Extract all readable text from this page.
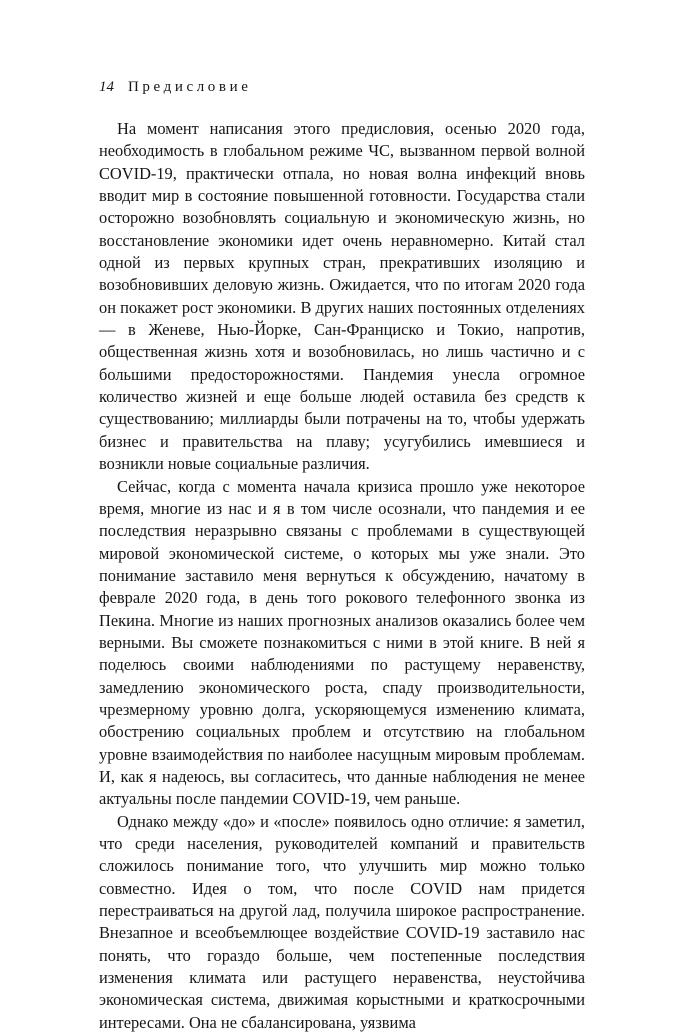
14 Предисловие

На момент написания этого предисловия, осенью 2020 года, необходимость в глобальном режиме ЧС, вызванном первой волной COVID-19, практически отпала, но новая волна инфекций вновь вводит мир в состояние повышенной готовности. Государства стали осторожно возобновлять социальную и экономическую жизнь, но восстановление экономики идет очень неравномерно. Китай стал одной из первых крупных стран, прекративших изоляцию и возобновивших деловую жизнь. Ожидается, что по итогам 2020 года он покажет рост экономики. В других наших постоянных отделениях — в Женеве, Нью-Йорке, Сан-Франциско и Токио, напротив, общественная жизнь хотя и возобновилась, но лишь частично и с большими предосторожностями. Пандемия унесла огромное количество жизней и еще больше людей оставила без средств к существованию; миллиарды были потрачены на то, чтобы удержать бизнес и правительства на плаву; усугубились имевшиеся и возникли новые социальные различия.

Сейчас, когда с момента начала кризиса прошло уже некоторое время, многие из нас и я в том числе осознали, что пандемия и ее последствия неразрывно связаны с проблемами в существующей мировой экономической системе, о которых мы уже знали. Это понимание заставило меня вернуться к обсуждению, начатому в феврале 2020 года, в день того рокового телефонного звонка из Пекина. Многие из наших прогнозных анализов оказались более чем верными. Вы сможете познакомиться с ними в этой книге. В ней я поделюсь своими наблюдениями по растущему неравенству, замедлению экономического роста, спаду производительности, чрезмерному уровню долга, ускоряющемуся изменению климата, обострению социальных проблем и отсутствию на глобальном уровне взаимодействия по наиболее насущным мировым проблемам. И, как я надеюсь, вы согласитесь, что данные наблюдения не менее актуальны после пандемии COVID-19, чем раньше.

Однако между «до» и «после» появилось одно отличие: я заметил, что среди населения, руководителей компаний и правительств сложилось понимание того, что улучшить мир можно только совместно. Идея о том, что после COVID нам придется перестраиваться на другой лад, получила широкое распространение. Внезапное и всеобъемлющее воздействие COVID-19 заставило нас понять, что гораздо больше, чем постепенные последствия изменения климата или растущего неравенства, неустойчива экономическая система, движимая корыстными и краткосрочными интересами. Она не сбалансирована, уязвима
